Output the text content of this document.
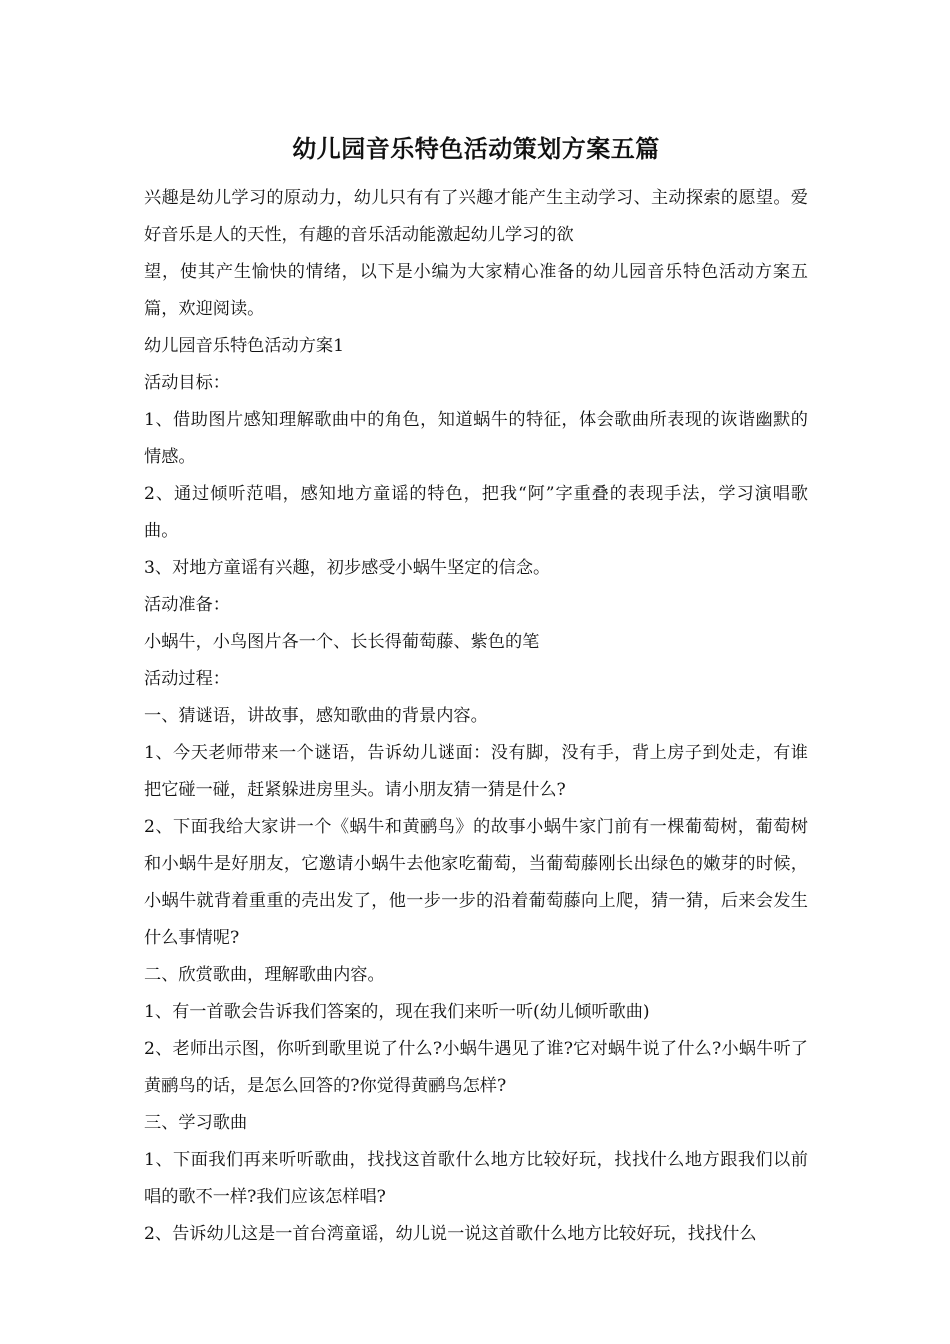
幼儿园音乐特色活动策划方案五篇

兴趣是幼儿学习的原动力，幼儿只有有了兴趣才能产生主动学习、主动探索的愿望。爱好音乐是人的天性，有趣的音乐活动能激起幼儿学习的欲

望，使其产生愉快的情绪，以下是小编为大家精心准备的幼儿园音乐特色活动方案五篇，欢迎阅读。

幼儿园音乐特色活动方案1

活动目标：

1、借助图片感知理解歌曲中的角色，知道蜗牛的特征，体会歌曲所表现的诙谐幽默的情感。

2、通过倾听范唱，感知地方童谣的特色，把我“阿”字重叠的表现手法，学习演唱歌曲。

3、对地方童谣有兴趣，初步感受小蜗牛坚定的信念。

活动准备：

小蜗牛，小鸟图片各一个、长长得葡萄藤、紫色的笔

活动过程：

一、猜谜语，讲故事，感知歌曲的背景内容。

1、今天老师带来一个谜语，告诉幼儿谜面：没有脚，没有手，背上房子到处走，有谁把它碰一碰，赶紧躲进房里头。请小朋友猜一猜是什么?

2、下面我给大家讲一个《蜗牛和黄鹂鸟》的故事小蜗牛家门前有一棵葡萄树，葡萄树和小蜗牛是好朋友，它邀请小蜗牛去他家吃葡萄，当葡萄藤刚长出绿色的嫩芽的时候，小蜗牛就背着重重的壳出发了，他一步一步的沿着葡萄藤向上爬，猜一猜，后来会发生什么事情呢?

二、欣赏歌曲，理解歌曲内容。

1、有一首歌会告诉我们答案的，现在我们来听一听(幼儿倾听歌曲)

2、老师出示图，你听到歌里说了什么?小蜗牛遇见了谁?它对蜗牛说了什么?小蜗牛听了黄鹂鸟的话，是怎么回答的?你觉得黄鹂鸟怎样?

三、学习歌曲

1、下面我们再来听听歌曲，找找这首歌什么地方比较好玩，找找什么地方跟我们以前唱的歌不一样?我们应该怎样唱?

2、告诉幼儿这是一首台湾童谣，幼儿说一说这首歌什么地方比较好玩，找找什么
